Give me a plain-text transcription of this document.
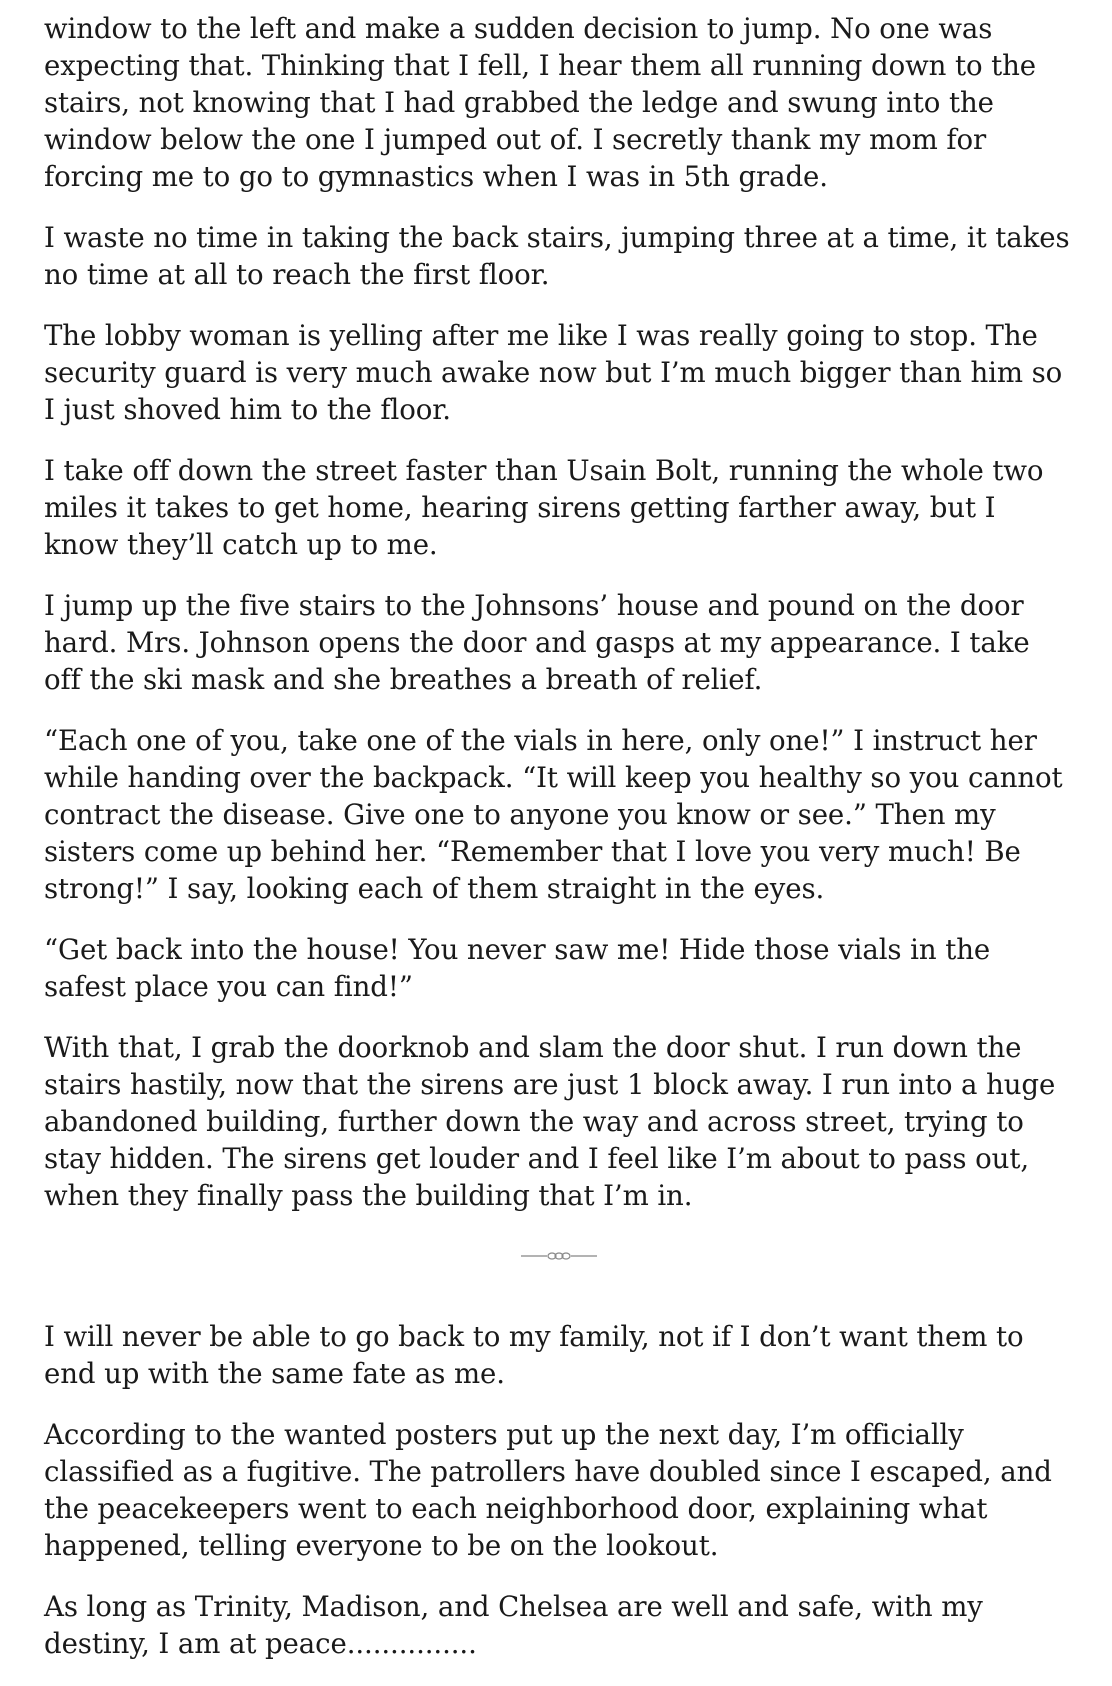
window to the left and make a sudden decision to jump. No one was expecting that. Thinking that I fell, I hear them all running down to the stairs, not knowing that I had grabbed the ledge and swung into the window below the one I jumped out of. I secretly thank my mom for forcing me to go to gymnastics when I was in 5th grade.

I waste no time in taking the back stairs, jumping three at a time, it takes no time at all to reach the first floor.

The lobby woman is yelling after me like I was really going to stop. The security guard is very much awake now but I’m much bigger than him so I just shoved him to the floor.

I take off down the street faster than Usain Bolt, running the whole two miles it takes to get home, hearing sirens getting farther away, but I know they’ll catch up to me.

I jump up the five stairs to the Johnsons’ house and pound on the door hard. Mrs. Johnson opens the door and gasps at my appearance. I take off the ski mask and she breathes a breath of relief.

“Each one of you, take one of the vials in here, only one!” I instruct her while handing over the backpack. “It will keep you healthy so you cannot contract the disease. Give one to anyone you know or see.” Then my sisters come up behind her. “Remember that I love you very much! Be strong!” I say, looking each of them straight in the eyes.

“Get back into the house! You never saw me! Hide those vials in the safest place you can find!”

With that, I grab the doorknob and slam the door shut. I run down the stairs hastily, now that the sirens are just 1 block away. I run into a huge abandoned building, further down the way and across street, trying to stay hidden. The sirens get louder and I feel like I’m about to pass out, when they finally pass the building that I’m in.

I will never be able to go back to my family, not if I don’t want them to end up with the same fate as me.

According to the wanted posters put up the next day, I’m officially classified as a fugitive. The patrollers have doubled since I escaped, and the peacekeepers went to each neighborhood door, explaining what happened, telling everyone to be on the lookout.

As long as Trinity, Madison, and Chelsea are well and safe, with my destiny, I am at peace...............
